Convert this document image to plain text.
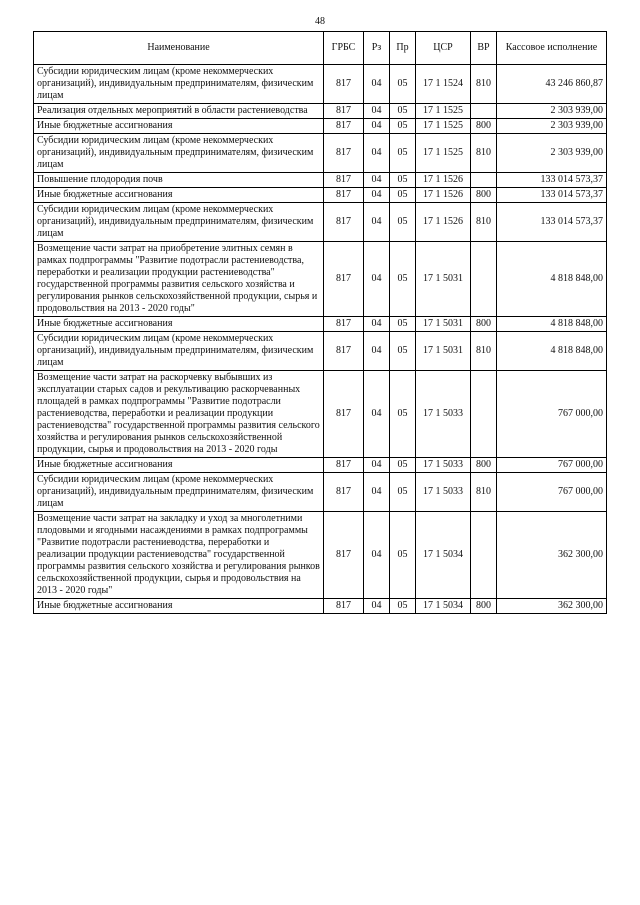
48
Наименование	ГРБС	Рз	Пр	ЦСР	ВР	Кассовое исполнение
Субсидии юридическим лицам (кроме некоммерческих организаций), индивидуальным предпринимателям, физическим лицам	817	04	05	17 1 1524	810	43 246 860,87
Реализация отдельных мероприятий в области растениеводства	817	04	05	17 1 1525		2 303 939,00
Иные бюджетные ассигнования	817	04	05	17 1 1525	800	2 303 939,00
Субсидии юридическим лицам (кроме некоммерческих организаций), индивидуальным предпринимателям, физическим лицам	817	04	05	17 1 1525	810	2 303 939,00
Повышение плодородия почв	817	04	05	17 1 1526		133 014 573,37
Иные бюджетные ассигнования	817	04	05	17 1 1526	800	133 014 573,37
Субсидии юридическим лицам (кроме некоммерческих организаций), индивидуальным предпринимателям, физическим лицам	817	04	05	17 1 1526	810	133 014 573,37
Возмещение части затрат на приобретение элитных семян в рамках подпрограммы "Развитие подотрасли растениеводства, переработки и реализации продукции растениеводства" государственной программы развития сельского хозяйства и регулирования рынков сельскохозяйственной продукции, сырья и продовольствия на 2013 - 2020 годы"	817	04	05	17 1 5031		4 818 848,00
Иные бюджетные ассигнования	817	04	05	17 1 5031	800	4 818 848,00
Субсидии юридическим лицам (кроме некоммерческих организаций), индивидуальным предпринимателям, физическим лицам	817	04	05	17 1 5031	810	4 818 848,00
Возмещение части затрат на раскорчевку выбывших из эксплуатации старых садов и рекультивацию раскорчеванных площадей в рамках подпрограммы "Развитие подотрасли растениеводства, переработки и реализации продукции растениеводства" государственной программы развития сельского хозяйства и регулирования рынков сельскохозяйственной продукции, сырья и продовольствия на 2013 - 2020 годы	817	04	05	17 1 5033		767 000,00
Иные бюджетные ассигнования	817	04	05	17 1 5033	800	767 000,00
Субсидии юридическим лицам (кроме некоммерческих организаций), индивидуальным предпринимателям, физическим лицам	817	04	05	17 1 5033	810	767 000,00
Возмещение части затрат на закладку и уход за многолетними плодовыми и ягодными насаждениями в рамках подпрограммы "Развитие подотрасли растениеводства, переработки и реализации продукции растениеводства" государственной программы развития сельского хозяйства и регулирования рынков сельскохозяйственной продукции, сырья и продовольствия на 2013 - 2020 годы"	817	04	05	17 1 5034		362 300,00
Иные бюджетные ассигнования	817	04	05	17 1 5034	800	362 300,00
